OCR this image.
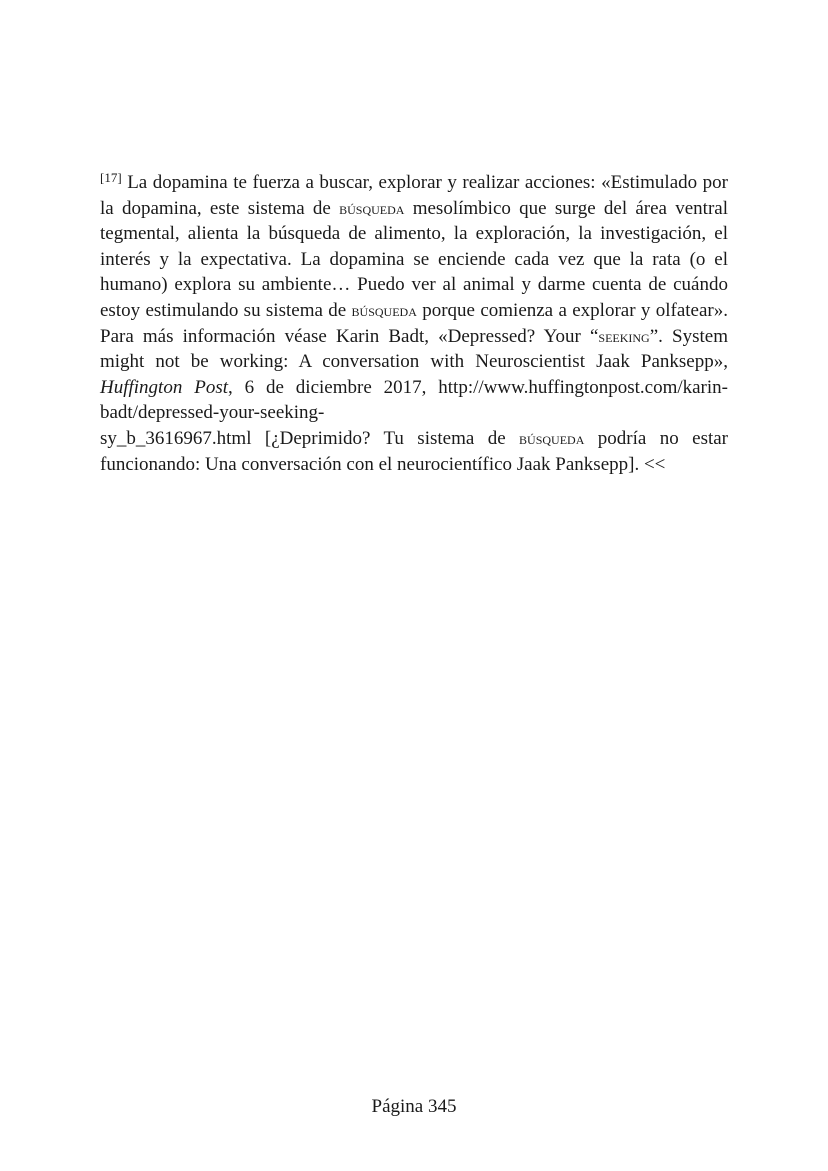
[17] La dopamina te fuerza a buscar, explorar y realizar acciones: «Estimulado por la dopamina, este sistema de búsqueda mesolímbico que surge del área ventral tegmental, alienta la búsqueda de alimento, la exploración, la investigación, el interés y la expectativa. La dopamina se enciende cada vez que la rata (o el humano) explora su ambiente… Puedo ver al animal y darme cuenta de cuándo estoy estimulando su sistema de búsqueda porque comienza a explorar y olfatear». Para más información véase Karin Badt, «Depressed? Your “seeking”. System might not be working: A conversation with Neuroscientist Jaak Panksepp», Huffington Post, 6 de diciembre 2017, http://www.huffingtonpost.com/karin-badt/depressed-your-seeking-
sy_b_3616967.html [¿Deprimido? Tu sistema de búsqueda podría no estar funcionando: Una conversación con el neurocientífico Jaak Panksepp]. <<
Página 345
